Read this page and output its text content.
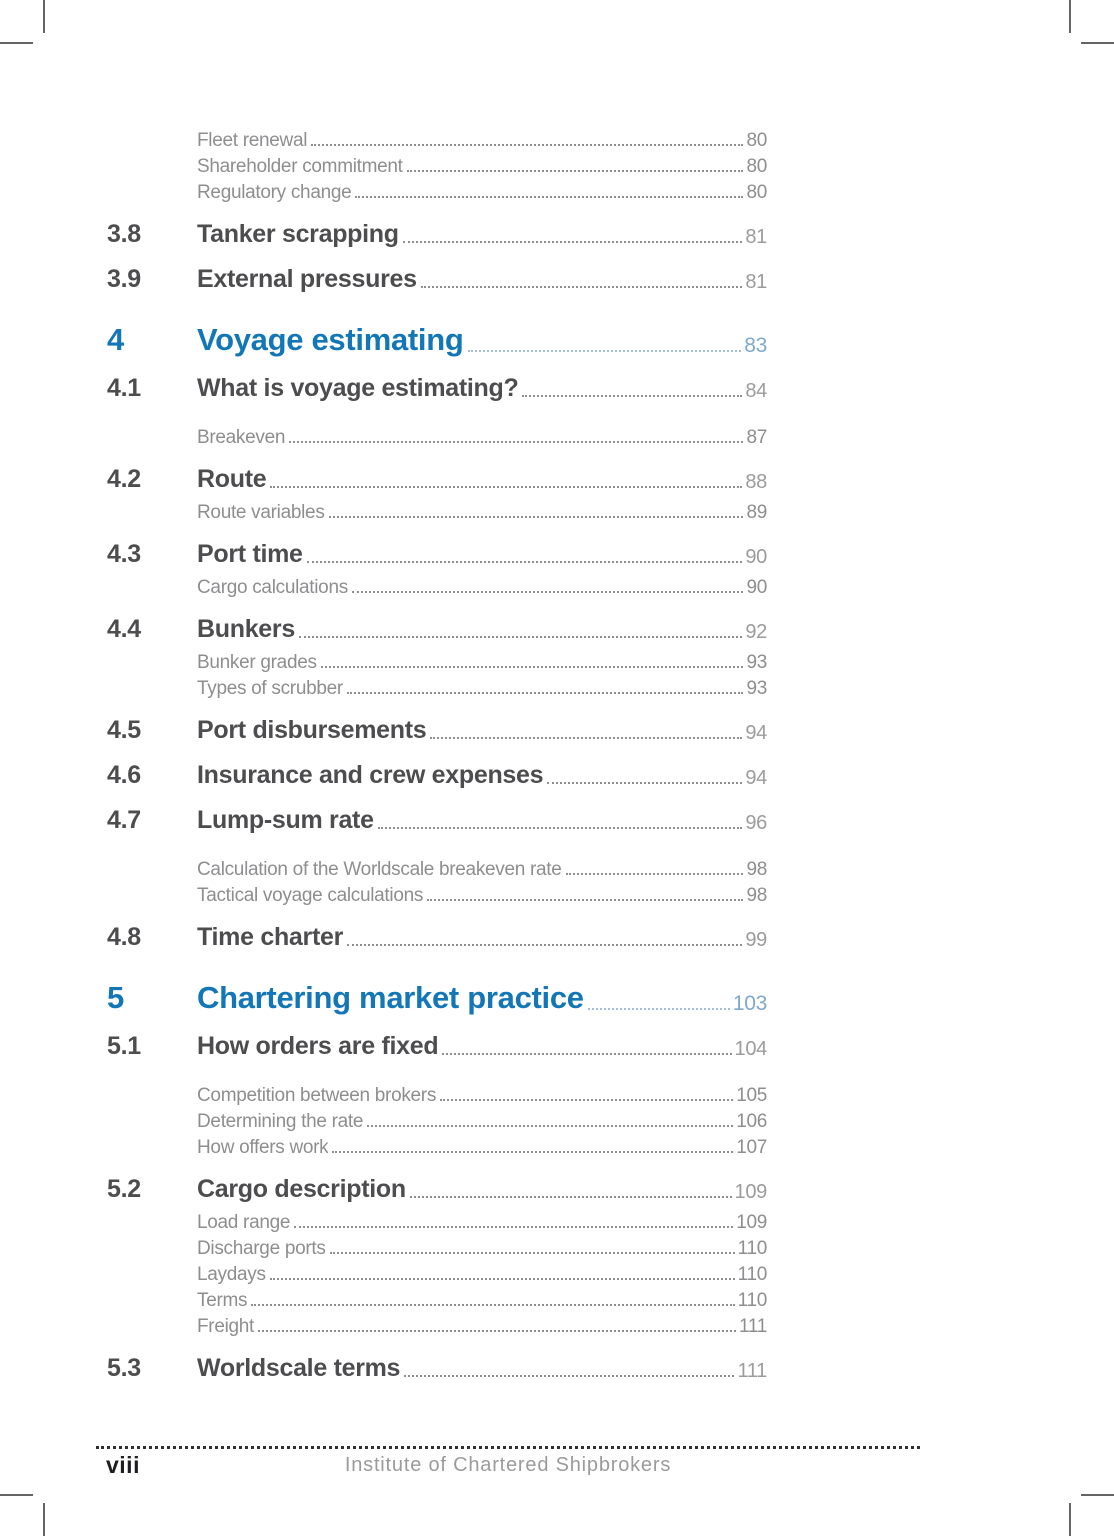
Fleet renewal	80
Shareholder commitment	80
Regulatory change	80
3.8	Tanker scrapping	81
3.9	External pressures	81
4	Voyage estimating	83
4.1	What is voyage estimating?	84
Breakeven	87
4.2	Route	88
Route variables	89
4.3	Port time	90
Cargo calculations	90
4.4	Bunkers	92
Bunker grades	93
Types of scrubber	93
4.5	Port disbursements	94
4.6	Insurance and crew expenses	94
4.7	Lump-sum rate	96
Calculation of the Worldscale breakeven rate	98
Tactical voyage calculations	98
4.8	Time charter	99
5	Chartering market practice	103
5.1	How orders are fixed	104
Competition between brokers	105
Determining the rate	106
How offers work	107
5.2	Cargo description	109
Load range	109
Discharge ports	110
Laydays	110
Terms	110
Freight	111
5.3	Worldscale terms	111
viii	Institute of Chartered Shipbrokers
